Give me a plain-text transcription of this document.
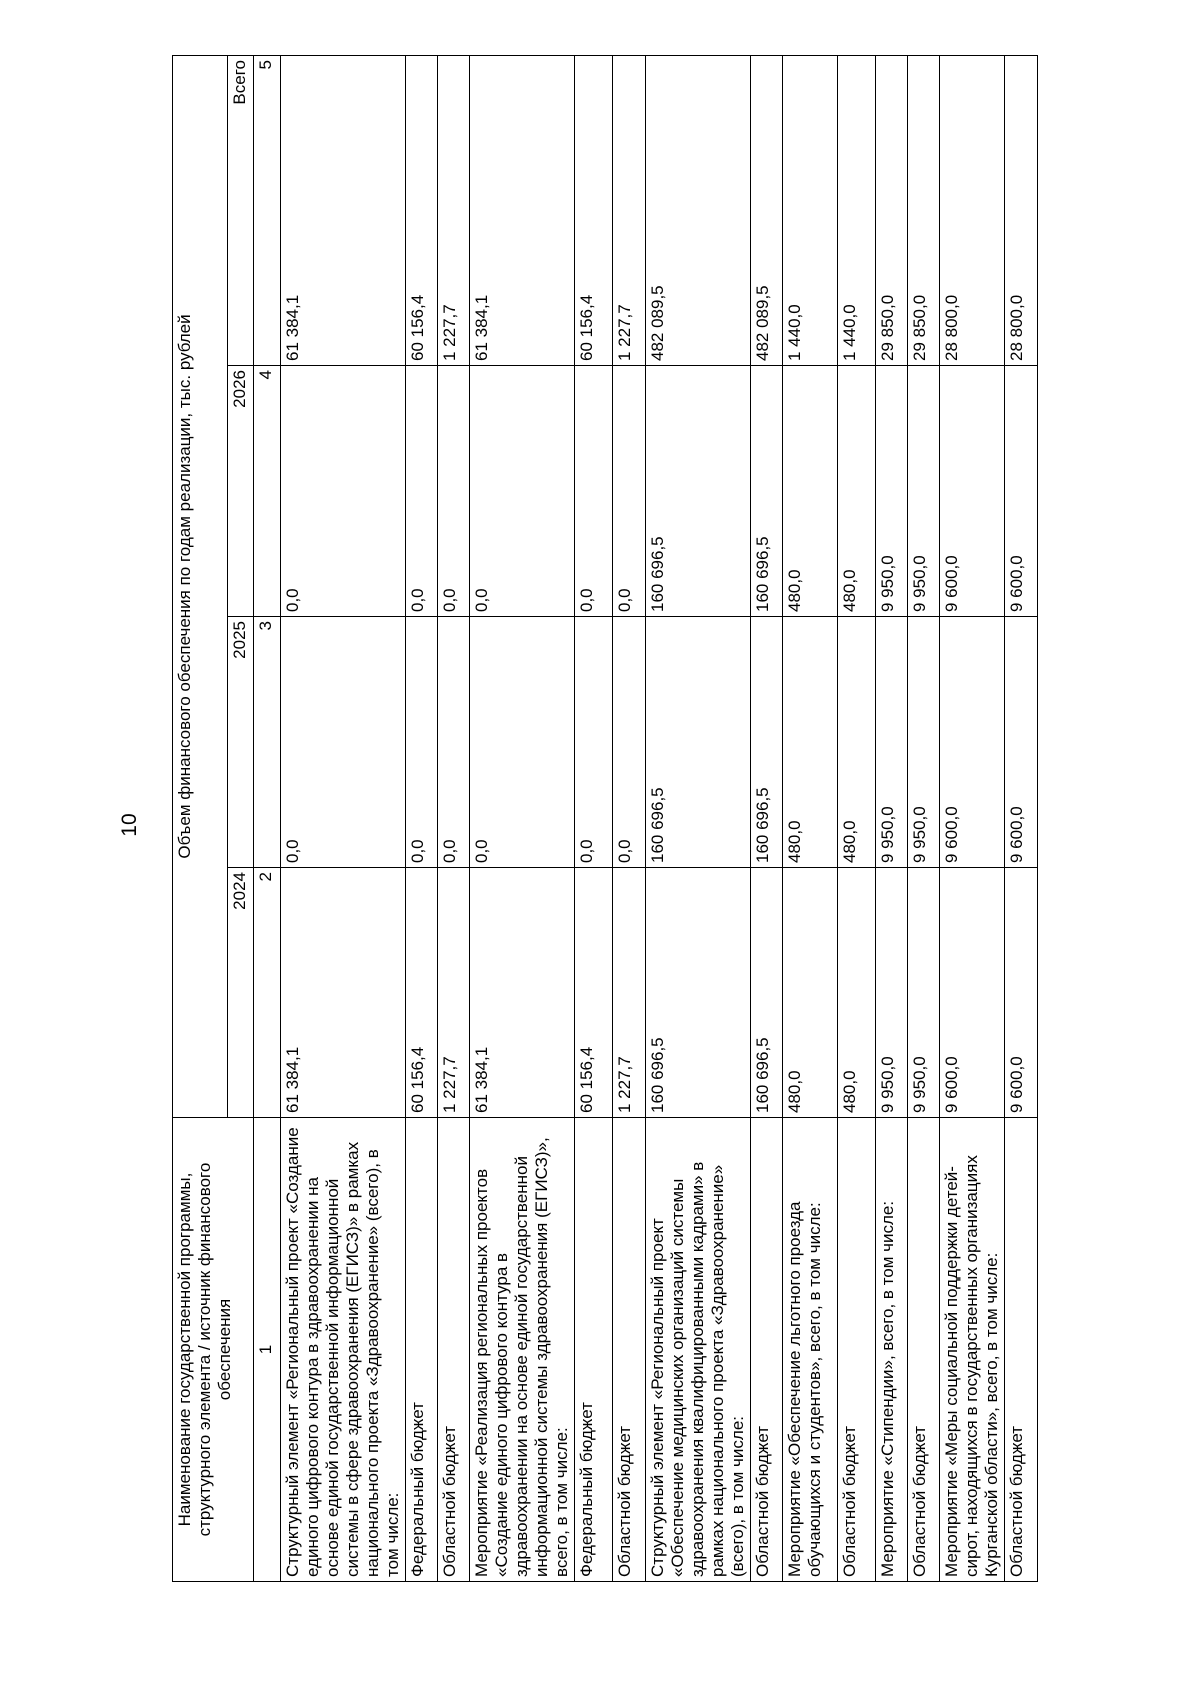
10
Наименование государственной программы, структурного элемента / источник финансового обеспечения	Объем финансового обеспечения по годам реализации, тыс. рублей			
	2024	2025	2026	Всего
1	2	3	4	5
Структурный элемент «Региональный проект «Создание единого цифрового контура в здравоохранении на основе единой государственной информационной системы в сфере здравоохранения (ЕГИСЗ)» в рамках национального проекта «Здравоохранение» (всего), в том числе:	61 384,1	0,0	0,0	61 384,1
Федеральный бюджет	60 156,4	0,0	0,0	60 156,4
Областной бюджет	1 227,7	0,0	0,0	1 227,7
Мероприятие «Реализация региональных проектов «Создание единого цифрового контура в здравоохранении на основе единой государственной информационной системы здравоохранения (ЕГИСЗ)», всего, в том числе:	61 384,1	0,0	0,0	61 384,1
Федеральный бюджет	60 156,4	0,0	0,0	60 156,4
Областной бюджет	1 227,7	0,0	0,0	1 227,7
Структурный элемент «Региональный проект «Обеспечение медицинских организаций системы здравоохранения квалифицированными кадрами» в рамках национального проекта «Здравоохранение» (всего), в том числе:	160 696,5	160 696,5	160 696,5	482 089,5
Областной бюджет	160 696,5	160 696,5	160 696,5	482 089,5
Мероприятие «Обеспечение льготного проезда обучающихся и студентов», всего, в том числе:	480,0	480,0	480,0	1 440,0
Областной бюджет	480,0	480,0	480,0	1 440,0
Мероприятие «Стипендии», всего, в том числе:	9 950,0	9 950,0	9 950,0	29 850,0
Областной бюджет	9 950,0	9 950,0	9 950,0	29 850,0
Мероприятие «Меры социальной поддержки детей-сирот, находящихся в государственных организациях Курганской области», всего, в том числе:	9 600,0	9 600,0	9 600,0	28 800,0
Областной бюджет	9 600,0	9 600,0	9 600,0	28 800,0
